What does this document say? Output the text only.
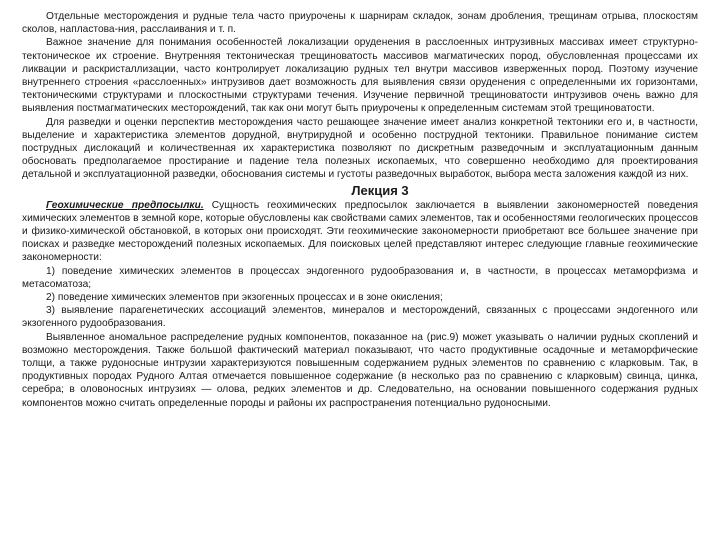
Отдельные месторождения и рудные тела часто приурочены к шарнирам складок, зонам дробления, трещинам отрыва, плоскостям сколов, напластова-ния, расслаивания и т. п.

Важное значение для понимания особенностей локализации оруденения в расслоенных интрузивных массивах имеет структурно-тектоническое их строение. Внутренняя тектоническая трещиноватость массивов магматических пород, обусловленная процессами их ликвации и раскристаллизации, часто контролирует локализацию рудных тел внутри массивов изверженных пород. Поэтому изучение внутреннего строения «расслоенных» интрузивов дает возможность для выявления связи оруденения с определенными их горизонтами, тектоническими структурами и плоскостными структурами течения. Изучение первичной трещиноватости интрузивов очень важно для выявления постмагматических месторождений, так как они могут быть приурочены к определенным системам этой трещиноватости.

Для разведки и оценки перспектив месторождения часто решающее значение имеет анализ конкретной тектоники его и, в частности, выделение и характеристика элементов дорудной, внутрирудной и особенно пострудной тектоники. Правильное понимание систем пострудных дислокаций и количественная их характеристика позволяют по дискретным разведочным и эксплуатационным данным обосновать предполагаемое простирание и падение тела полезных ископаемых, что совершенно необходимо для проектирования детальной и эксплуатационной разведки, обоснования системы и густоты разведочных выработок, выбора места заложения каждой из них.

Лекция 3

Геохимические предпосылки. Сущность геохимических предпосылок заключается в выявлении закономерностей поведения химических элементов в земной коре, которые обусловлены как свойствами самих элементов, так и особенностями геологических процессов и физико-химической обстановкой, в которых они происходят. Эти геохимические закономерности приобретают все большее значение при поисках и разведке месторождений полезных ископаемых. Для поисковых целей представляют интерес следующие главные геохимические закономерности:

1) поведение химических элементов в процессах эндогенного рудообразования и, в частности, в процессах метаморфизма и метасоматоза;

2) поведение химических элементов при экзогенных процессах и в зоне окисления;

3) выявление парагенетических ассоциаций элементов, минералов и месторождений, связанных с процессами эндогенного или экзогенного рудообразования.

Выявленное аномальное распределение рудных компонентов, показанное на (рис.9) может указывать о наличии рудных скоплений и возможно месторождения. Также большой фактический материал показывают, что часто продуктивные осадочные и метаморфические толщи, а также рудоносные интрузии характеризуются повышенным содержанием рудных элементов по сравнению с кларковым. Так, в продуктивных породах Рудного Алтая отмечается повышенное содержание (в несколько раз по сравнению с кларковым) свинца, цинка, серебра; в оловоносных интрузиях — олова, редких элементов и др. Следовательно, на основании повышенного содержания рудных компонентов можно считать определенные породы и районы их распространения потенциально рудоносными.
